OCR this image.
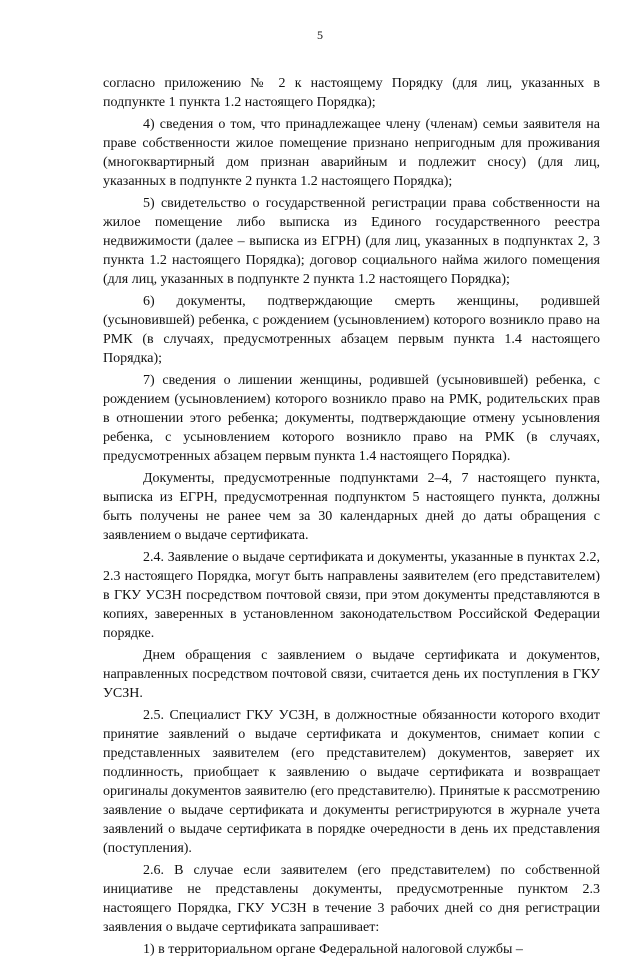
5

согласно приложению № 2 к настоящему Порядку (для лиц, указанных в подпункте 1 пункта 1.2 настоящего Порядка);

4) сведения о том, что принадлежащее члену (членам) семьи заявителя на праве собственности жилое помещение признано непригодным для проживания (многоквартирный дом признан аварийным и подлежит сносу) (для лиц, указанных в подпункте 2 пункта 1.2 настоящего Порядка);

5) свидетельство о государственной регистрации права собственности на жилое помещение либо выписка из Единого государственного реестра недвижимости (далее – выписка из ЕГРН) (для лиц, указанных в подпунктах 2, 3 пункта 1.2 настоящего Порядка); договор социального найма жилого помещения (для лиц, указанных в подпункте 2 пункта 1.2 настоящего Порядка);

6) документы, подтверждающие смерть женщины, родившей (усыновившей) ребенка, с рождением (усыновлением) которого возникло право на РМК (в случаях, предусмотренных абзацем первым пункта 1.4 настоящего Порядка);

7) сведения о лишении женщины, родившей (усыновившей) ребенка, с рождением (усыновлением) которого возникло право на РМК, родительских прав в отношении этого ребенка; документы, подтверждающие отмену усыновления ребенка, с усыновлением которого возникло право на РМК (в случаях, предусмотренных абзацем первым пункта 1.4 настоящего Порядка).

Документы, предусмотренные подпунктами 2–4, 7 настоящего пункта, выписка из ЕГРН, предусмотренная подпунктом 5 настоящего пункта, должны быть получены не ранее чем за 30 календарных дней до даты обращения с заявлением о выдаче сертификата.

2.4. Заявление о выдаче сертификата и документы, указанные в пунктах 2.2, 2.3 настоящего Порядка, могут быть направлены заявителем (его представителем) в ГКУ УСЗН посредством почтовой связи, при этом документы представляются в копиях, заверенных в установленном законодательством Российской Федерации порядке.

Днем обращения с заявлением о выдаче сертификата и документов, направленных посредством почтовой связи, считается день их поступления в ГКУ УСЗН.

2.5. Специалист ГКУ УСЗН, в должностные обязанности которого входит принятие заявлений о выдаче сертификата и документов, снимает копии с представленных заявителем (его представителем) документов, заверяет их подлинность, приобщает к заявлению о выдаче сертификата и возвращает оригиналы документов заявителю (его представителю). Принятые к рассмотрению заявление о выдаче сертификата и документы регистрируются в журнале учета заявлений о выдаче сертификата в порядке очередности в день их представления (поступления).

2.6. В случае если заявителем (его представителем) по собственной инициативе не представлены документы, предусмотренные пунктом 2.3 настоящего Порядка, ГКУ УСЗН в течение 3 рабочих дней со дня регистрации заявления о выдаче сертификата запрашивает:

1) в территориальном органе Федеральной налоговой службы –
